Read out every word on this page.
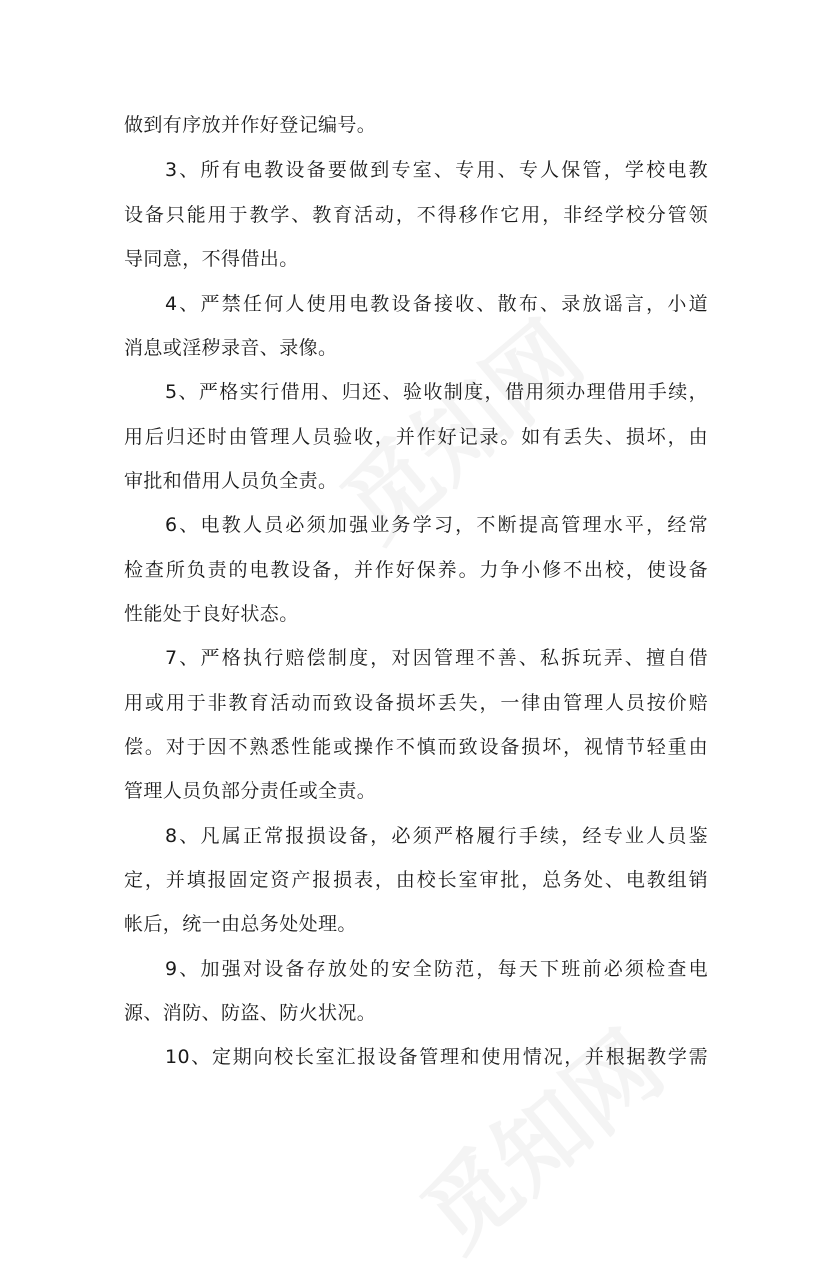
做到有序放并作好登记编号。
3、所有电教设备要做到专室、专用、专人保管，学校电教
设备只能用于教学、教育活动，不得移作它用，非经学校分管领
导同意，不得借出。
4、严禁任何人使用电教设备接收、散布、录放谣言，小道
消息或淫秽录音、录像。
5、严格实行借用、归还、验收制度，借用须办理借用手续，
用后归还时由管理人员验收，并作好记录。如有丢失、损坏，由
审批和借用人员负全责。
6、电教人员必须加强业务学习，不断提高管理水平，经常
检查所负责的电教设备，并作好保养。力争小修不出校，使设备
性能处于良好状态。
7、严格执行赔偿制度，对因管理不善、私拆玩弄、擅自借
用或用于非教育活动而致设备损坏丢失，一律由管理人员按价赔
偿。对于因不熟悉性能或操作不慎而致设备损坏，视情节轻重由
管理人员负部分责任或全责。
8、凡属正常报损设备，必须严格履行手续，经专业人员鉴
定，并填报固定资产报损表，由校长室审批，总务处、电教组销
帐后，统一由总务处处理。
9、加强对设备存放处的安全防范，每天下班前必须检查电
源、消防、防盗、防火状况。
10、定期向校长室汇报设备管理和使用情况，并根据教学需
